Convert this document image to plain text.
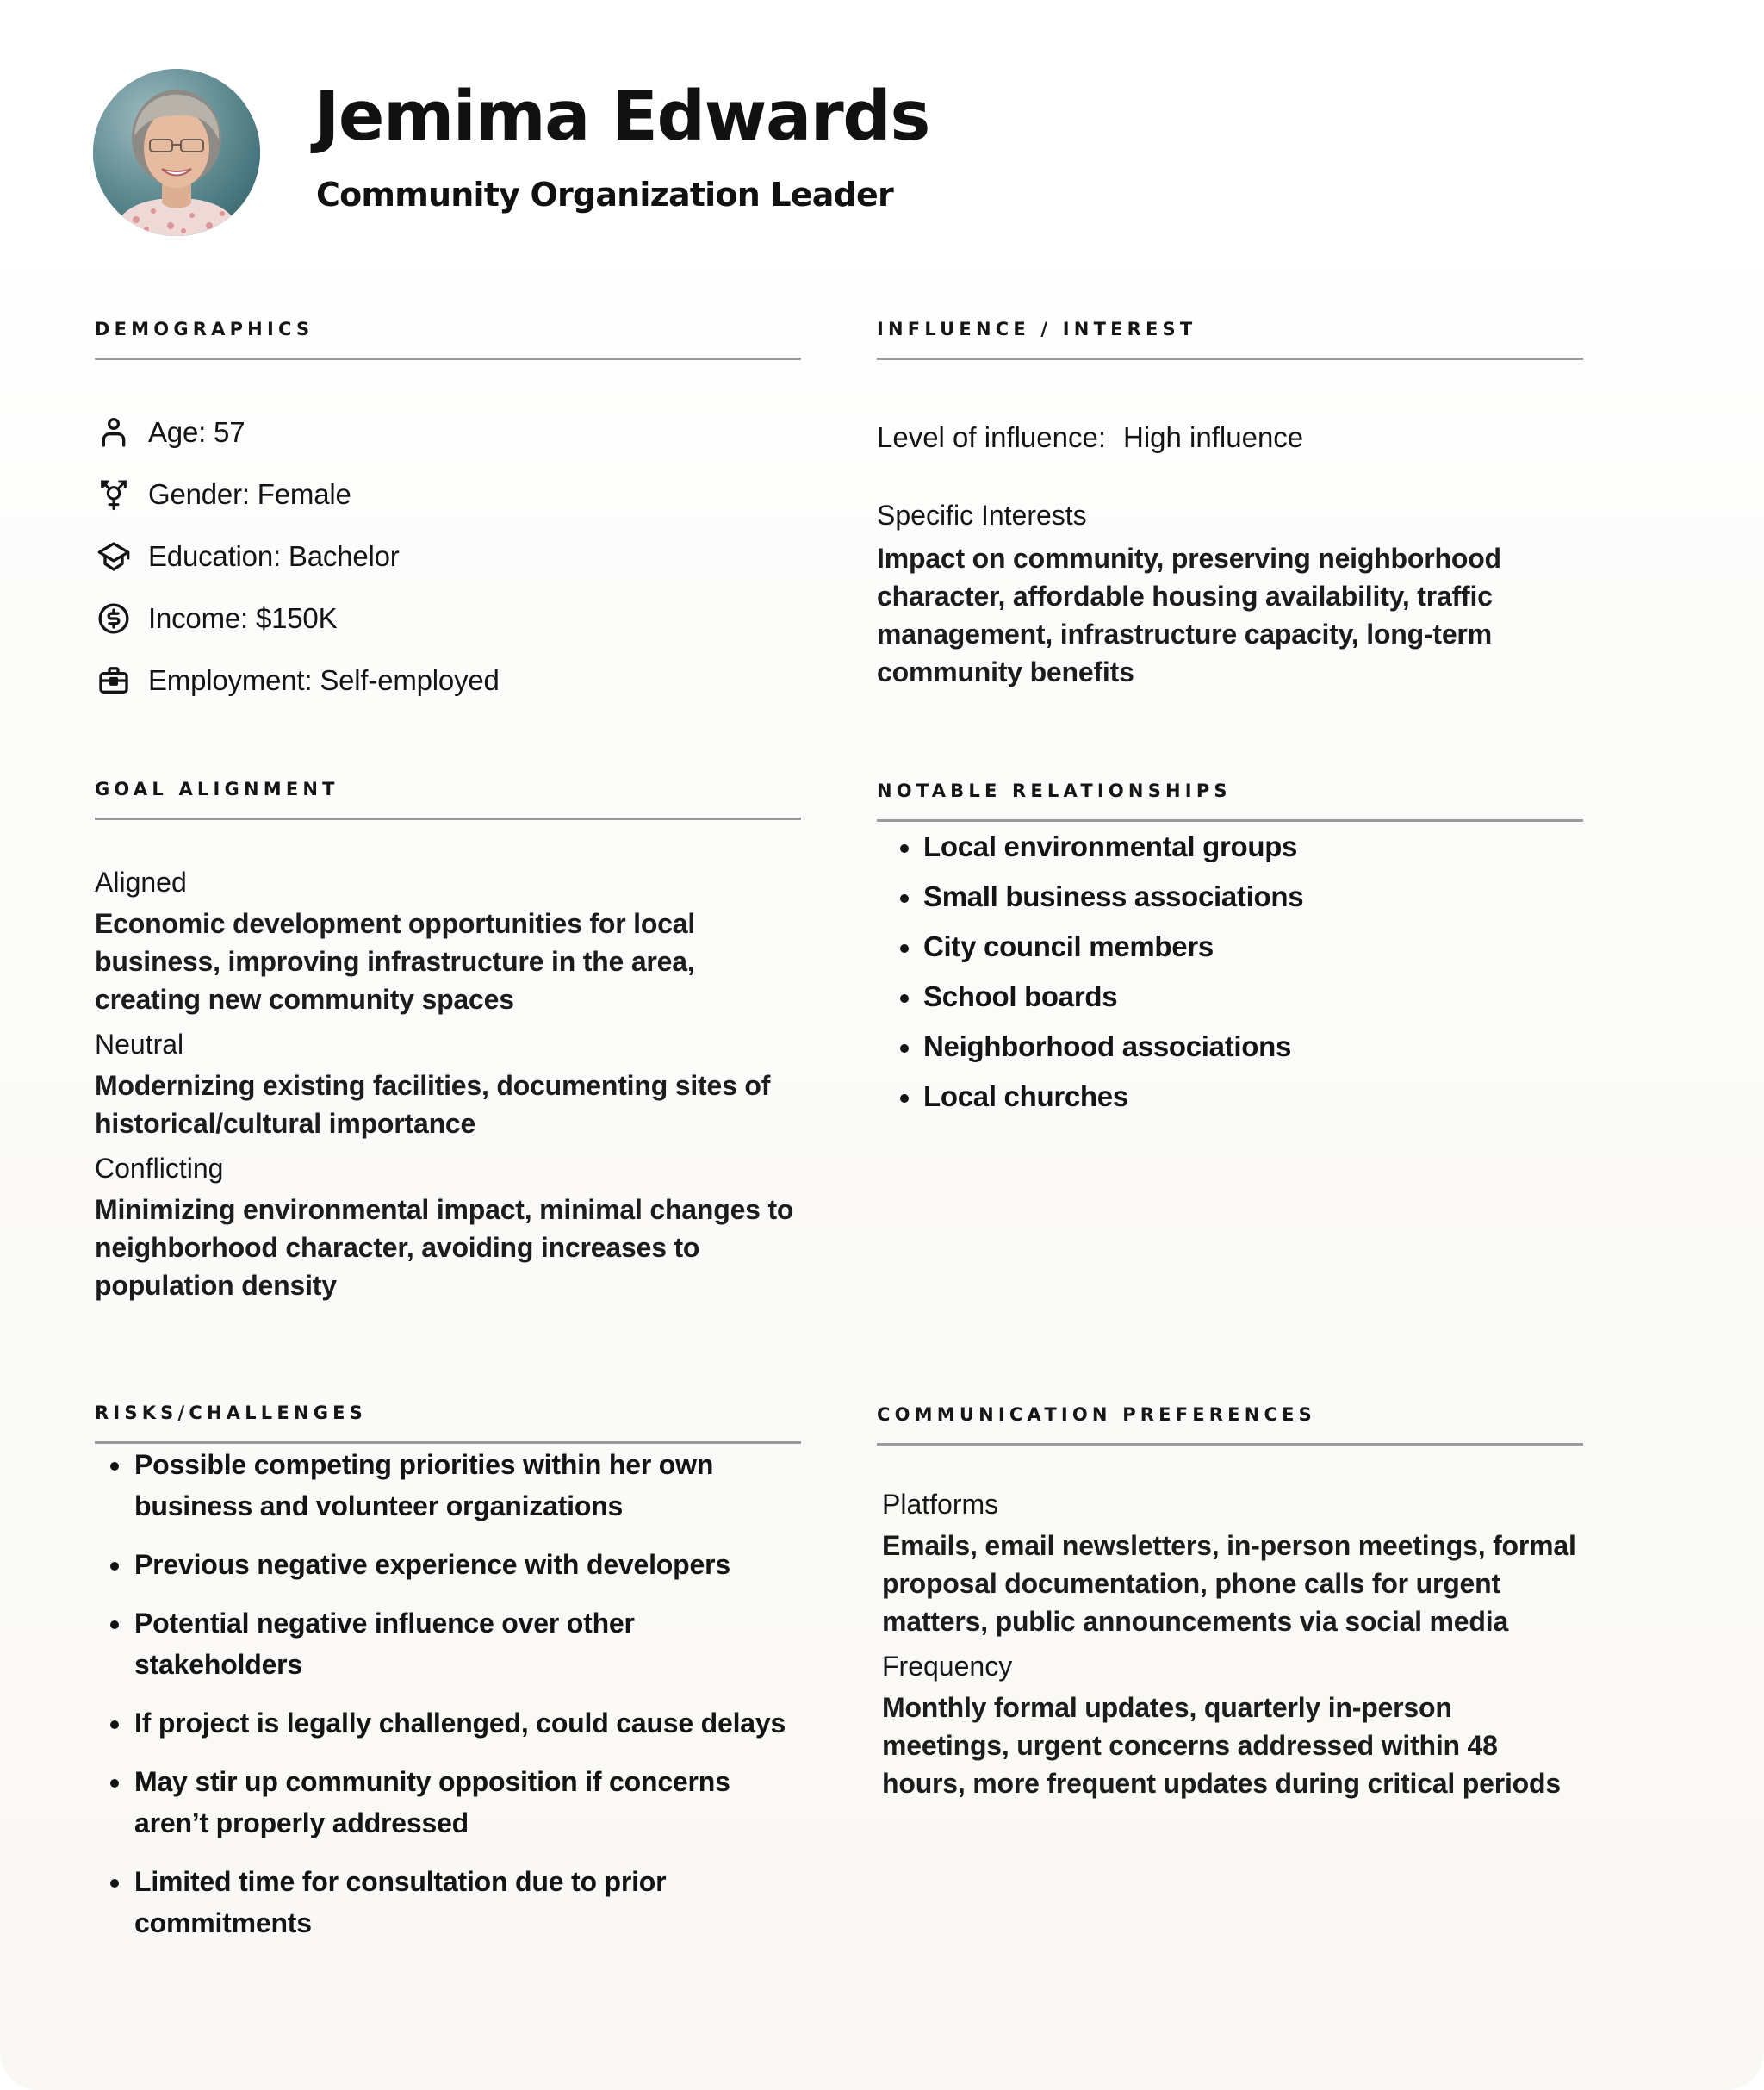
Jemima Edwards
Community Organization Leader
DEMOGRAPHICS
Age: 57
Gender: Female
Education: Bachelor
Income: $150K
Employment: Self-employed
INFLUENCE / INTEREST
Level of influence: High influence
Specific Interests
Impact on community, preserving neighborhood character, affordable housing availability, traffic management, infrastructure capacity, long-term community benefits
GOAL ALIGNMENT
Aligned
Economic development opportunities for local business, improving infrastructure in the area, creating new community spaces
Neutral
Modernizing existing facilities, documenting sites of historical/cultural importance
Conflicting
Minimizing environmental impact, minimal changes to neighborhood character, avoiding increases to population density
NOTABLE RELATIONSHIPS
Local environmental groups
Small business associations
City council members
School boards
Neighborhood associations
Local churches
RISKS/CHALLENGES
Possible competing priorities within her own business and volunteer organizations
Previous negative experience with developers
Potential negative influence over other stakeholders
If project is legally challenged, could cause delays
May stir up community opposition if concerns aren’t properly addressed
Limited time for consultation due to prior commitments
COMMUNICATION PREFERENCES
Platforms
Emails, email newsletters, in-person meetings, formal proposal documentation, phone calls for urgent matters, public announcements via social media
Frequency
Monthly formal updates, quarterly in-person meetings, urgent concerns addressed within 48 hours, more frequent updates during critical periods
